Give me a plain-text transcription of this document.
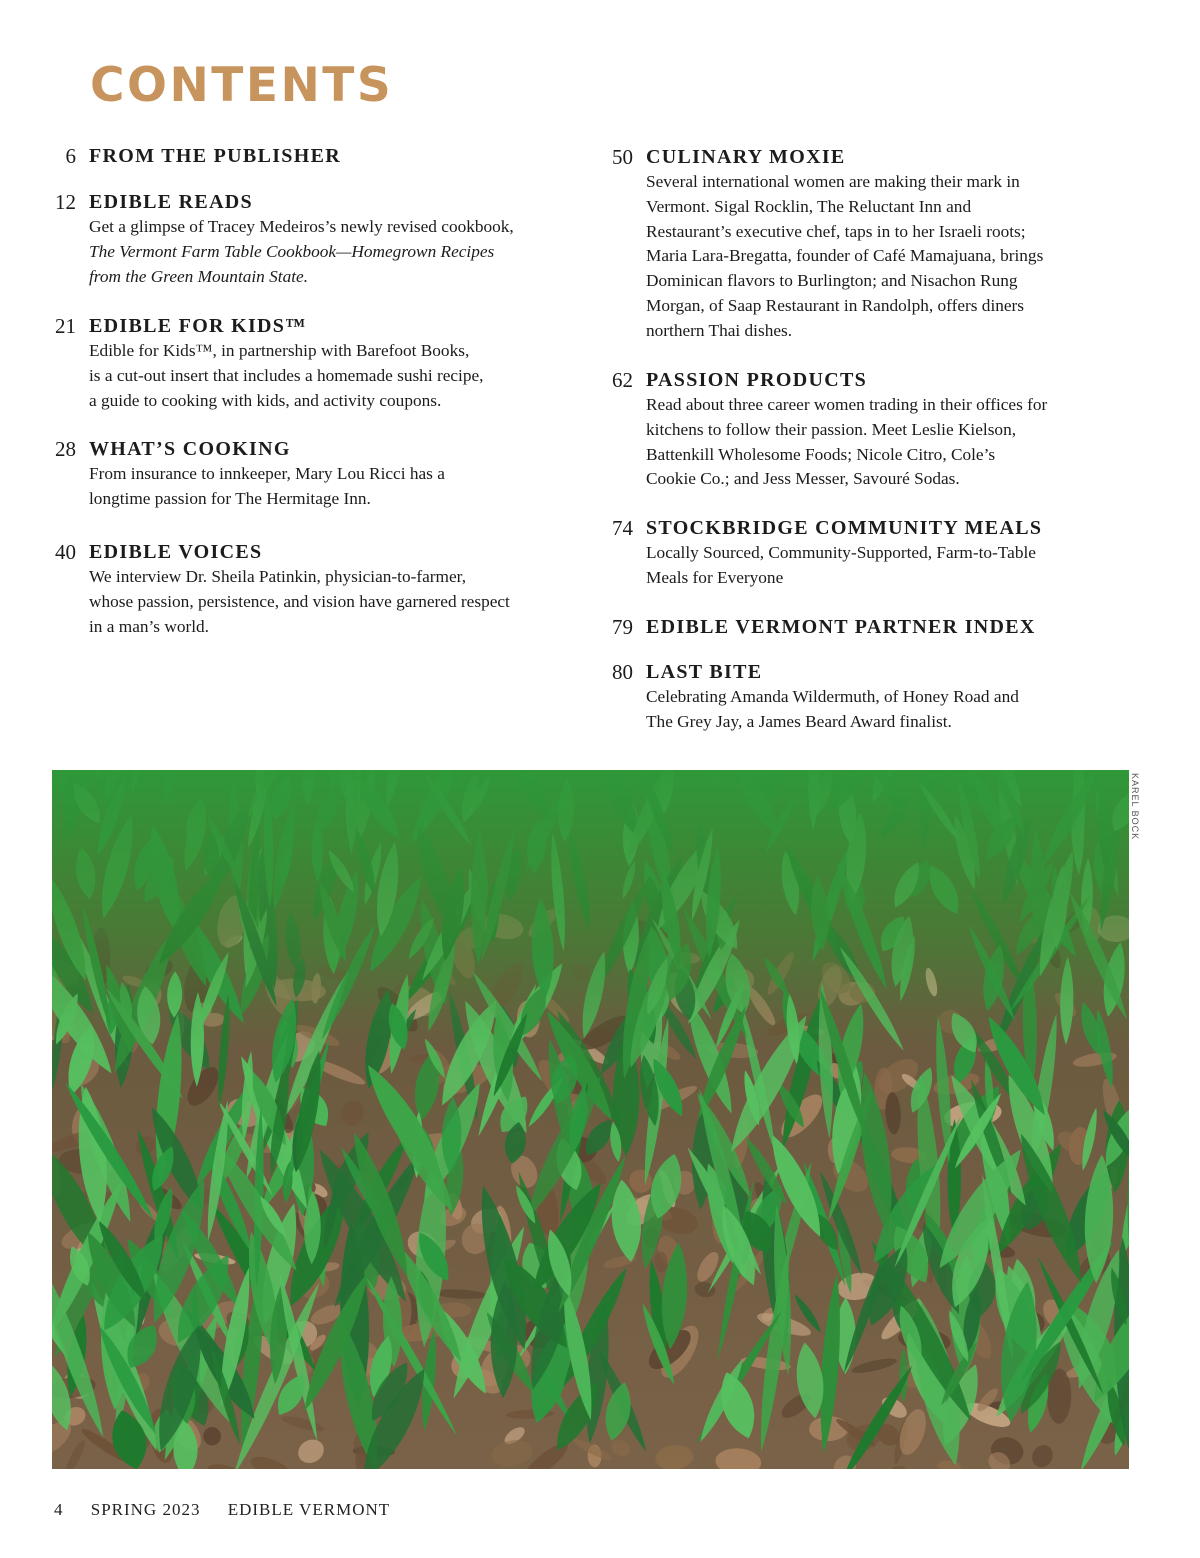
CONTENTS
6 FROM THE PUBLISHER
12 EDIBLE READS
Get a glimpse of Tracey Medeiros’s newly revised cookbook,
The Vermont Farm Table Cookbook—Homegrown Recipes
from the Green Mountain State.
21 EDIBLE FOR KIDS™
Edible for Kids™, in partnership with Barefoot Books,
is a cut-out insert that includes a homemade sushi recipe,
a guide to cooking with kids, and activity coupons.
28 WHAT’S COOKING
From insurance to innkeeper, Mary Lou Ricci has a
longtime passion for The Hermitage Inn.
40 EDIBLE VOICES
We interview Dr. Sheila Patinkin, physician-to-farmer,
whose passion, persistence, and vision have garnered respect
in a man’s world.
50 CULINARY MOXIE
Several international women are making their mark in
Vermont. Sigal Rocklin, The Reluctant Inn and
Restaurant’s executive chef, taps in to her Israeli roots;
Maria Lara-Bregatta, founder of Café Mamajuana, brings
Dominican flavors to Burlington; and Nisachon Rung
Morgan, of Saap Restaurant in Randolph, offers diners
northern Thai dishes.
62 PASSION PRODUCTS
Read about three career women trading in their offices for
kitchens to follow their passion. Meet Leslie Kielson,
Battenkill Wholesome Foods; Nicole Citro, Cole’s
Cookie Co.; and Jess Messer, Savouré Sodas.
74 STOCKBRIDGE COMMUNITY MEALS
Locally Sourced, Community-Supported, Farm-to-Table
Meals for Everyone
79 EDIBLE VERMONT PARTNER INDEX
80 LAST BITE
Celebrating Amanda Wildermuth, of Honey Road and
The Grey Jay, a James Beard Award finalist.
KAREL BOCK
4 SPRING 2023 EDIBLE VERMONT
